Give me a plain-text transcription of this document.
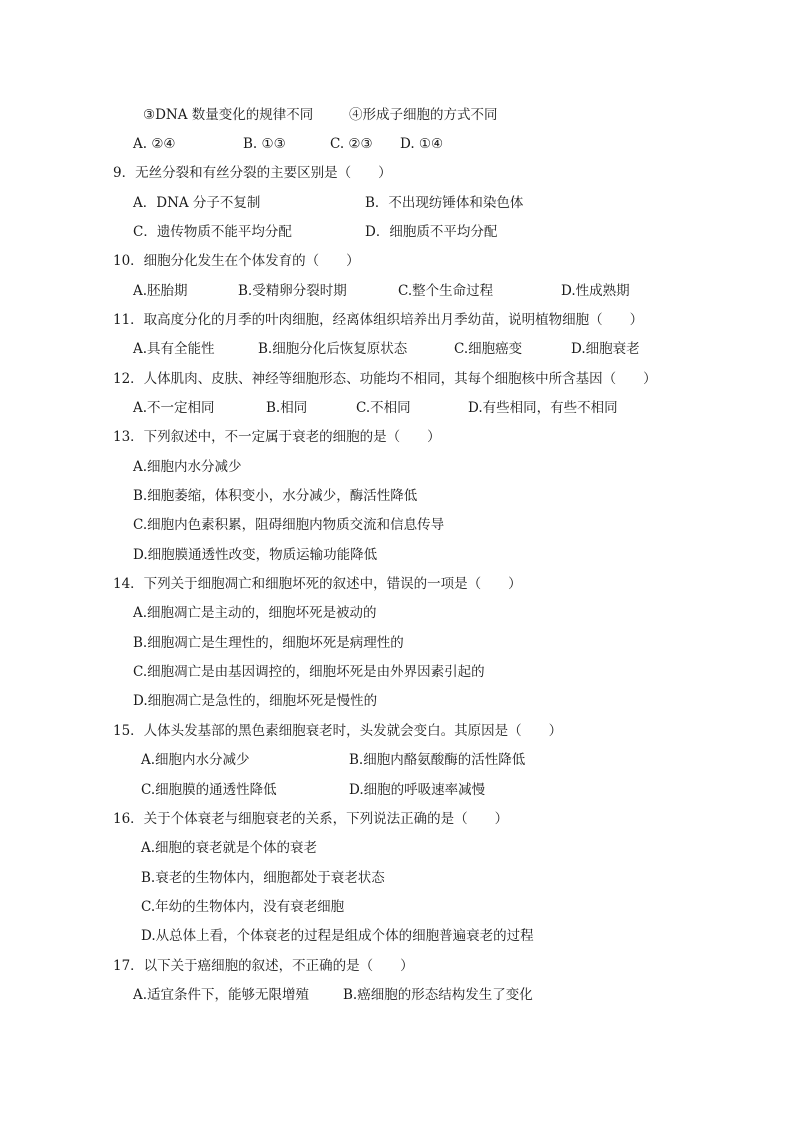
③DNA 数量变化的规律不同	④形成子细胞的方式不同
A. ②④	B. ①③	C. ②③ D. ①④
9．无丝分裂和有丝分裂的主要区别是（　　）
A．DNA 分子不复制	B．不出现纺锤体和染色体
C．遗传物质不能平均分配	D．细胞质不平均分配
10．细胞分化发生在个体发育的（　　）
A.胚胎期	B.受精卵分裂时期	C.整个生命过程	D.性成熟期
11．取高度分化的月季的叶肉细胞，经离体组织培养出月季幼苗，说明植物细胞（　　）
A.具有全能性	B.细胞分化后恢复原状态	C.细胞癌变	D.细胞衰老
12．人体肌肉、皮肤、神经等细胞形态、功能均不相同，其每个细胞核中所含基因（　　）
A.不一定相同	B.相同	C.不相同	D.有些相同，有些不相同
13．下列叙述中，不一定属于衰老的细胞的是（　　）
A.细胞内水分减少
B.细胞萎缩，体积变小，水分减少，酶活性降低
C.细胞内色素积累，阻碍细胞内物质交流和信息传导
D.细胞膜通透性改变，物质运输功能降低
14．下列关于细胞凋亡和细胞坏死的叙述中，错误的一项是（　　）
A.细胞凋亡是主动的，细胞坏死是被动的
B.细胞凋亡是生理性的，细胞坏死是病理性的
C.细胞凋亡是由基因调控的，细胞坏死是由外界因素引起的
D.细胞凋亡是急性的，细胞坏死是慢性的
15．人体头发基部的黑色素细胞衰老时，头发就会变白。其原因是（　　）
A.细胞内水分减少	B.细胞内酪氨酸酶的活性降低
C.细胞膜的通透性降低	D.细胞的呼吸速率减慢
16．关于个体衰老与细胞衰老的关系，下列说法正确的是（　　）
A.细胞的衰老就是个体的衰老
B.衰老的生物体内，细胞都处于衰老状态
C.年幼的生物体内，没有衰老细胞
D.从总体上看，个体衰老的过程是组成个体的细胞普遍衰老的过程
17．以下关于癌细胞的叙述，不正确的是（　　）
A.适宜条件下，能够无限增殖	B.癌细胞的形态结构发生了变化
